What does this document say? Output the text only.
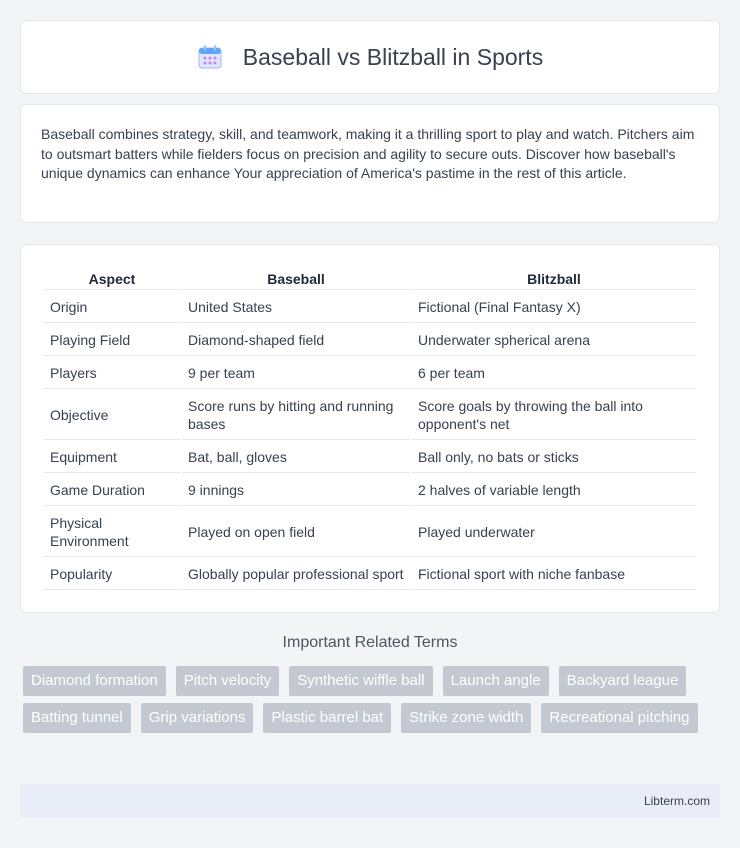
Baseball vs Blitzball in Sports

Baseball combines strategy, skill, and teamwork, making it a thrilling sport to play and watch. Pitchers aim to outsmart batters while fielders focus on precision and agility to secure outs. Discover how baseball's unique dynamics can enhance Your appreciation of America's pastime in the rest of this article.

Aspect	Baseball	Blitzball
Origin	United States	Fictional (Final Fantasy X)
Playing Field	Diamond-shaped field	Underwater spherical arena
Players	9 per team	6 per team
Objective	Score runs by hitting and running bases	Score goals by throwing the ball into opponent's net
Equipment	Bat, ball, gloves	Ball only, no bats or sticks
Game Duration	9 innings	2 halves of variable length
Physical Environment	Played on open field	Played underwater
Popularity	Globally popular professional sport	Fictional sport with niche fanbase
Important Related Terms
Diamond formation	Pitch velocity	Synthetic wiffle ball	Launch angle	Backyard league
Batting tunnel	Grip variations	Plastic barrel bat	Strike zone width	Recreational pitching
Libterm.com
